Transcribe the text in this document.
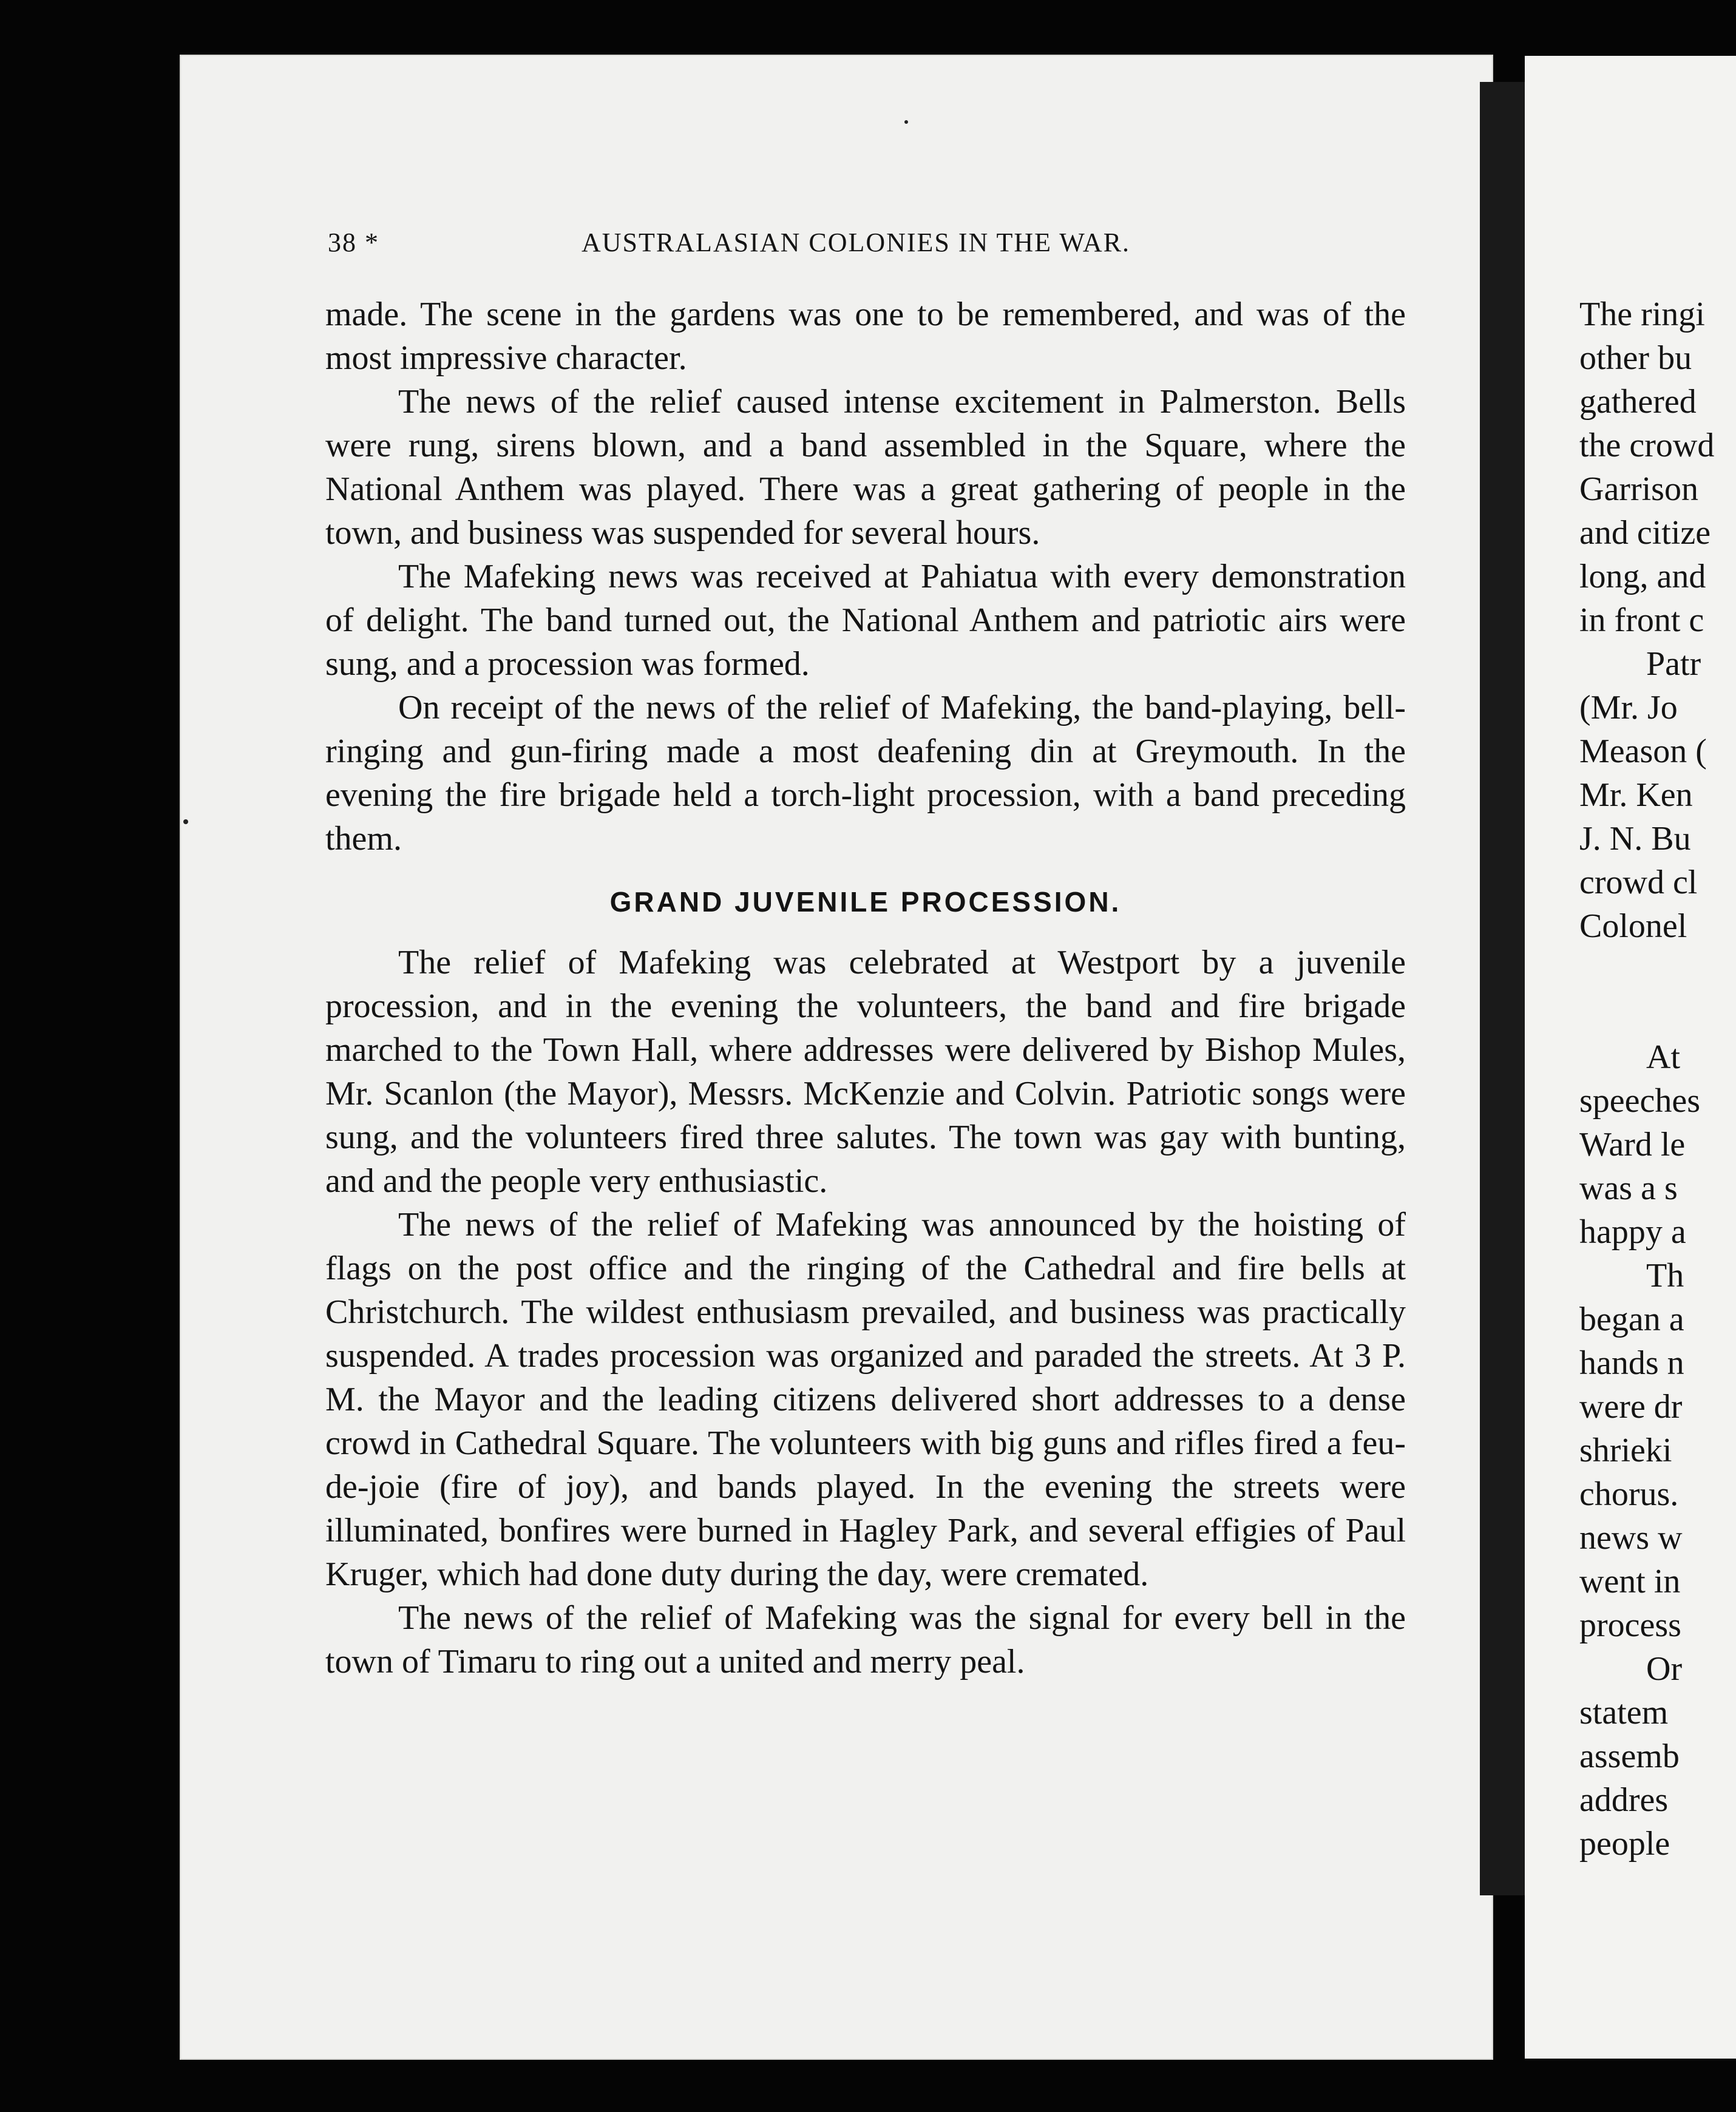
The ringi
other bu
gathered
the crowd
Garrison
and citize
long, and
in front c
Patr
(Mr. Jo
Meason (
Mr. Ken
J. N. Bu
crowd cl
Colonel
At
speeches
Ward le
was a s
happy a
Th
began a
hands n
were dr
shrieki
chorus.
news w
went in
process
Or
statem
assemb
addres
people
38 *	AUSTRALASIAN COLONIES IN THE WAR.

made. The scene in the gardens was one to be remembered, and was of the most impressive character.

The news of the relief caused intense excitement in Palmerston. Bells were rung, sirens blown, and a band assembled in the Square, where the National Anthem was played. There was a great gathering of people in the town, and business was suspended for several hours.

The Mafeking news was received at Pahiatua with every demonstration of delight. The band turned out, the National Anthem and patriotic airs were sung, and a procession was formed.

On receipt of the news of the relief of Mafeking, the band-playing, bell-ringing and gun-firing made a most deafening din at Greymouth. In the evening the fire brigade held a torch-light procession, with a band preceding them.

GRAND JUVENILE PROCESSION.

The relief of Mafeking was celebrated at Westport by a juvenile procession, and in the evening the volunteers, the band and fire brigade marched to the Town Hall, where addresses were delivered by Bishop Mules, Mr. Scanlon (the Mayor), Messrs. McKenzie and Colvin. Patriotic songs were sung, and the volunteers fired three salutes. The town was gay with bunting, and and the people very enthusiastic.

The news of the relief of Mafeking was announced by the hoisting of flags on the post office and the ringing of the Cathedral and fire bells at Christchurch. The wildest enthusiasm prevailed, and business was practically suspended. A trades procession was organized and paraded the streets. At 3 P. M. the Mayor and the leading citizens delivered short addresses to a dense crowd in Cathedral Square. The volunteers with big guns and rifles fired a feu-de-joie (fire of joy), and bands played. In the evening the streets were illuminated, bonfires were burned in Hagley Park, and several effigies of Paul Kruger, which had done duty during the day, were cremated.

The news of the relief of Mafeking was the signal for every bell in the town of Timaru to ring out a united and merry peal.
